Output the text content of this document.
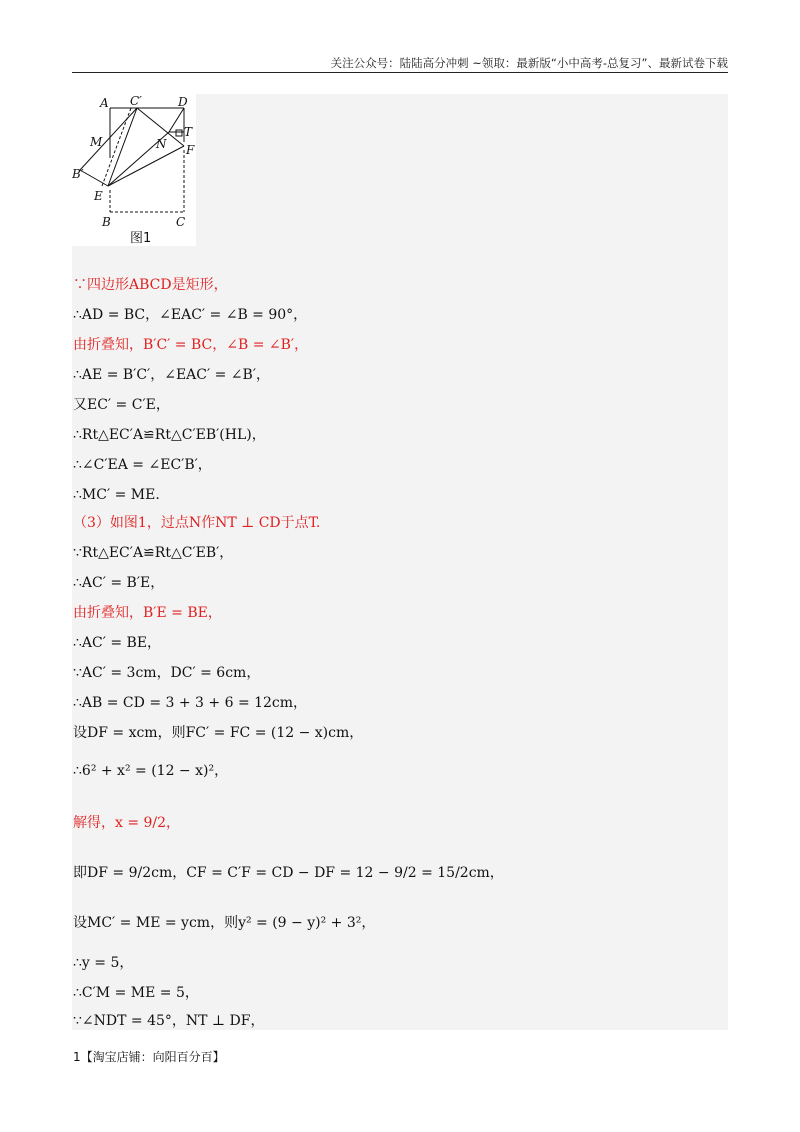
关注公众号：陆陆高分冲刺 ~领取：最新版“小中高考-总复习”、最新试卷下载
A C′	D
M	N
T
F
B′
E
B	C
图1
∵四边形ABCD是矩形，
∴AD = BC，∠EAC′ = ∠B = 90°，
由折叠知，B′C′ = BC，∠B = ∠B′，
∴AE = B′C′，∠EAC′ = ∠B′，
又EC′ = C′E，
∴Rt△EC′A≌Rt△C′EB′(HL)，
∴∠C′EA = ∠EC′B′，
∴MC′ = ME.
（3）如图1，过点N作NT ⊥ CD于点T.
∵Rt△EC′A≌Rt△C′EB′，
∴AC′ = B′E，
由折叠知，B′E = BE，
∴AC′ = BE，
∵AC′ = 3cm，DC′ = 6cm，
∴AB = CD = 3 + 3 + 6 = 12cm，
设DF = xcm，则FC′ = FC = (12 − x)cm，
∴6² + x² = (12 − x)²，
解得，x = 9/2，
即DF = 9/2cm，CF = C′F = CD − DF = 12 − 9/2 = 15/2cm，
设MC′ = ME = ycm，则y² = (9 − y)² + 3²，
∴y = 5，
∴C′M = ME = 5，
∵∠NDT = 45°，NT ⊥ DF，
1【淘宝店铺：向阳百分百】
